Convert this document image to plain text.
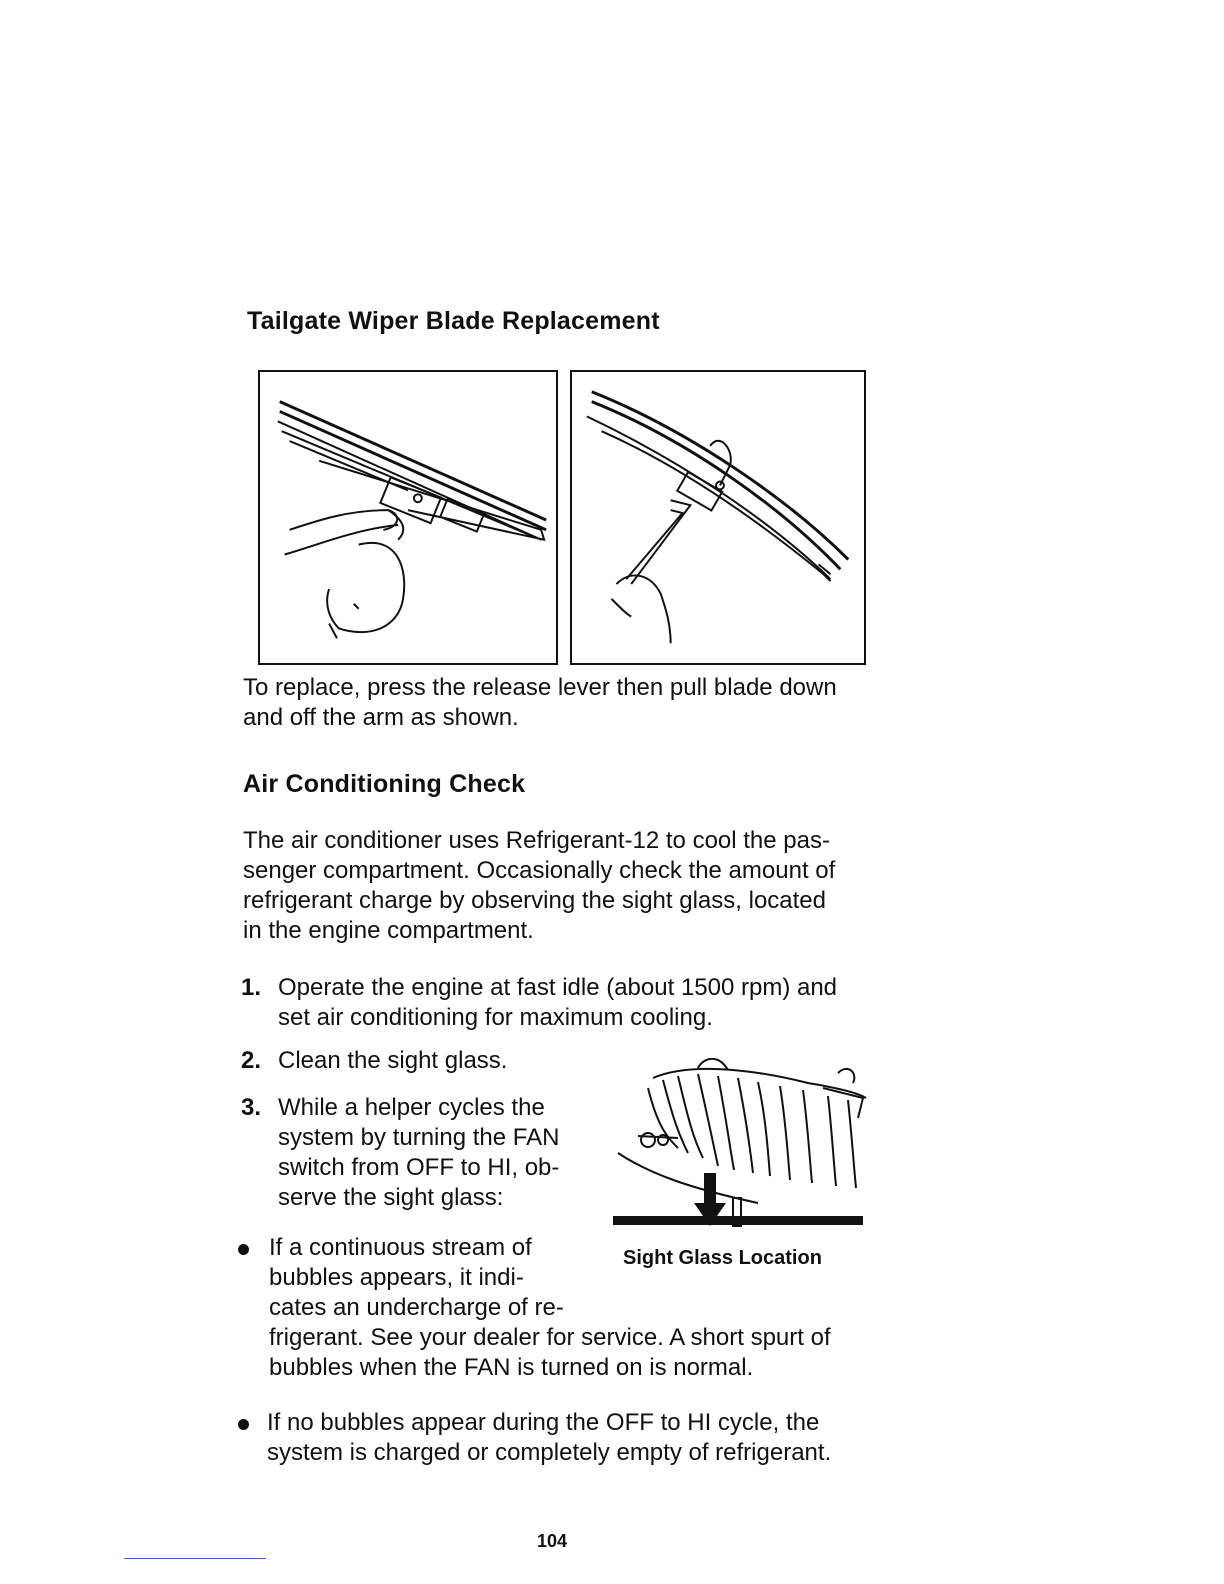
Tailgate Wiper Blade Replacement
To replace, press the release lever then pull blade down
and off the arm as shown.
Air Conditioning Check
The air conditioner uses Refrigerant-12 to cool the pas-
senger compartment. Occasionally check the amount of
refrigerant charge by observing the sight glass, located
in the engine compartment.
1. Operate the engine at fast idle (about 1500 rpm) and
set air conditioning for maximum cooling.
2. Clean the sight glass.
3. While a helper cycles the
system by turning the FAN
switch from OFF to HI, ob-
serve the sight glass:
Sight Glass Location
If a continuous stream of
bubbles appears, it indi-
cates an undercharge of re-
frigerant. See your dealer for service. A short spurt of
bubbles when the FAN is turned on is normal.
If no bubbles appear during the OFF to HI cycle, the
system is charged or completely empty of refrigerant.
104
